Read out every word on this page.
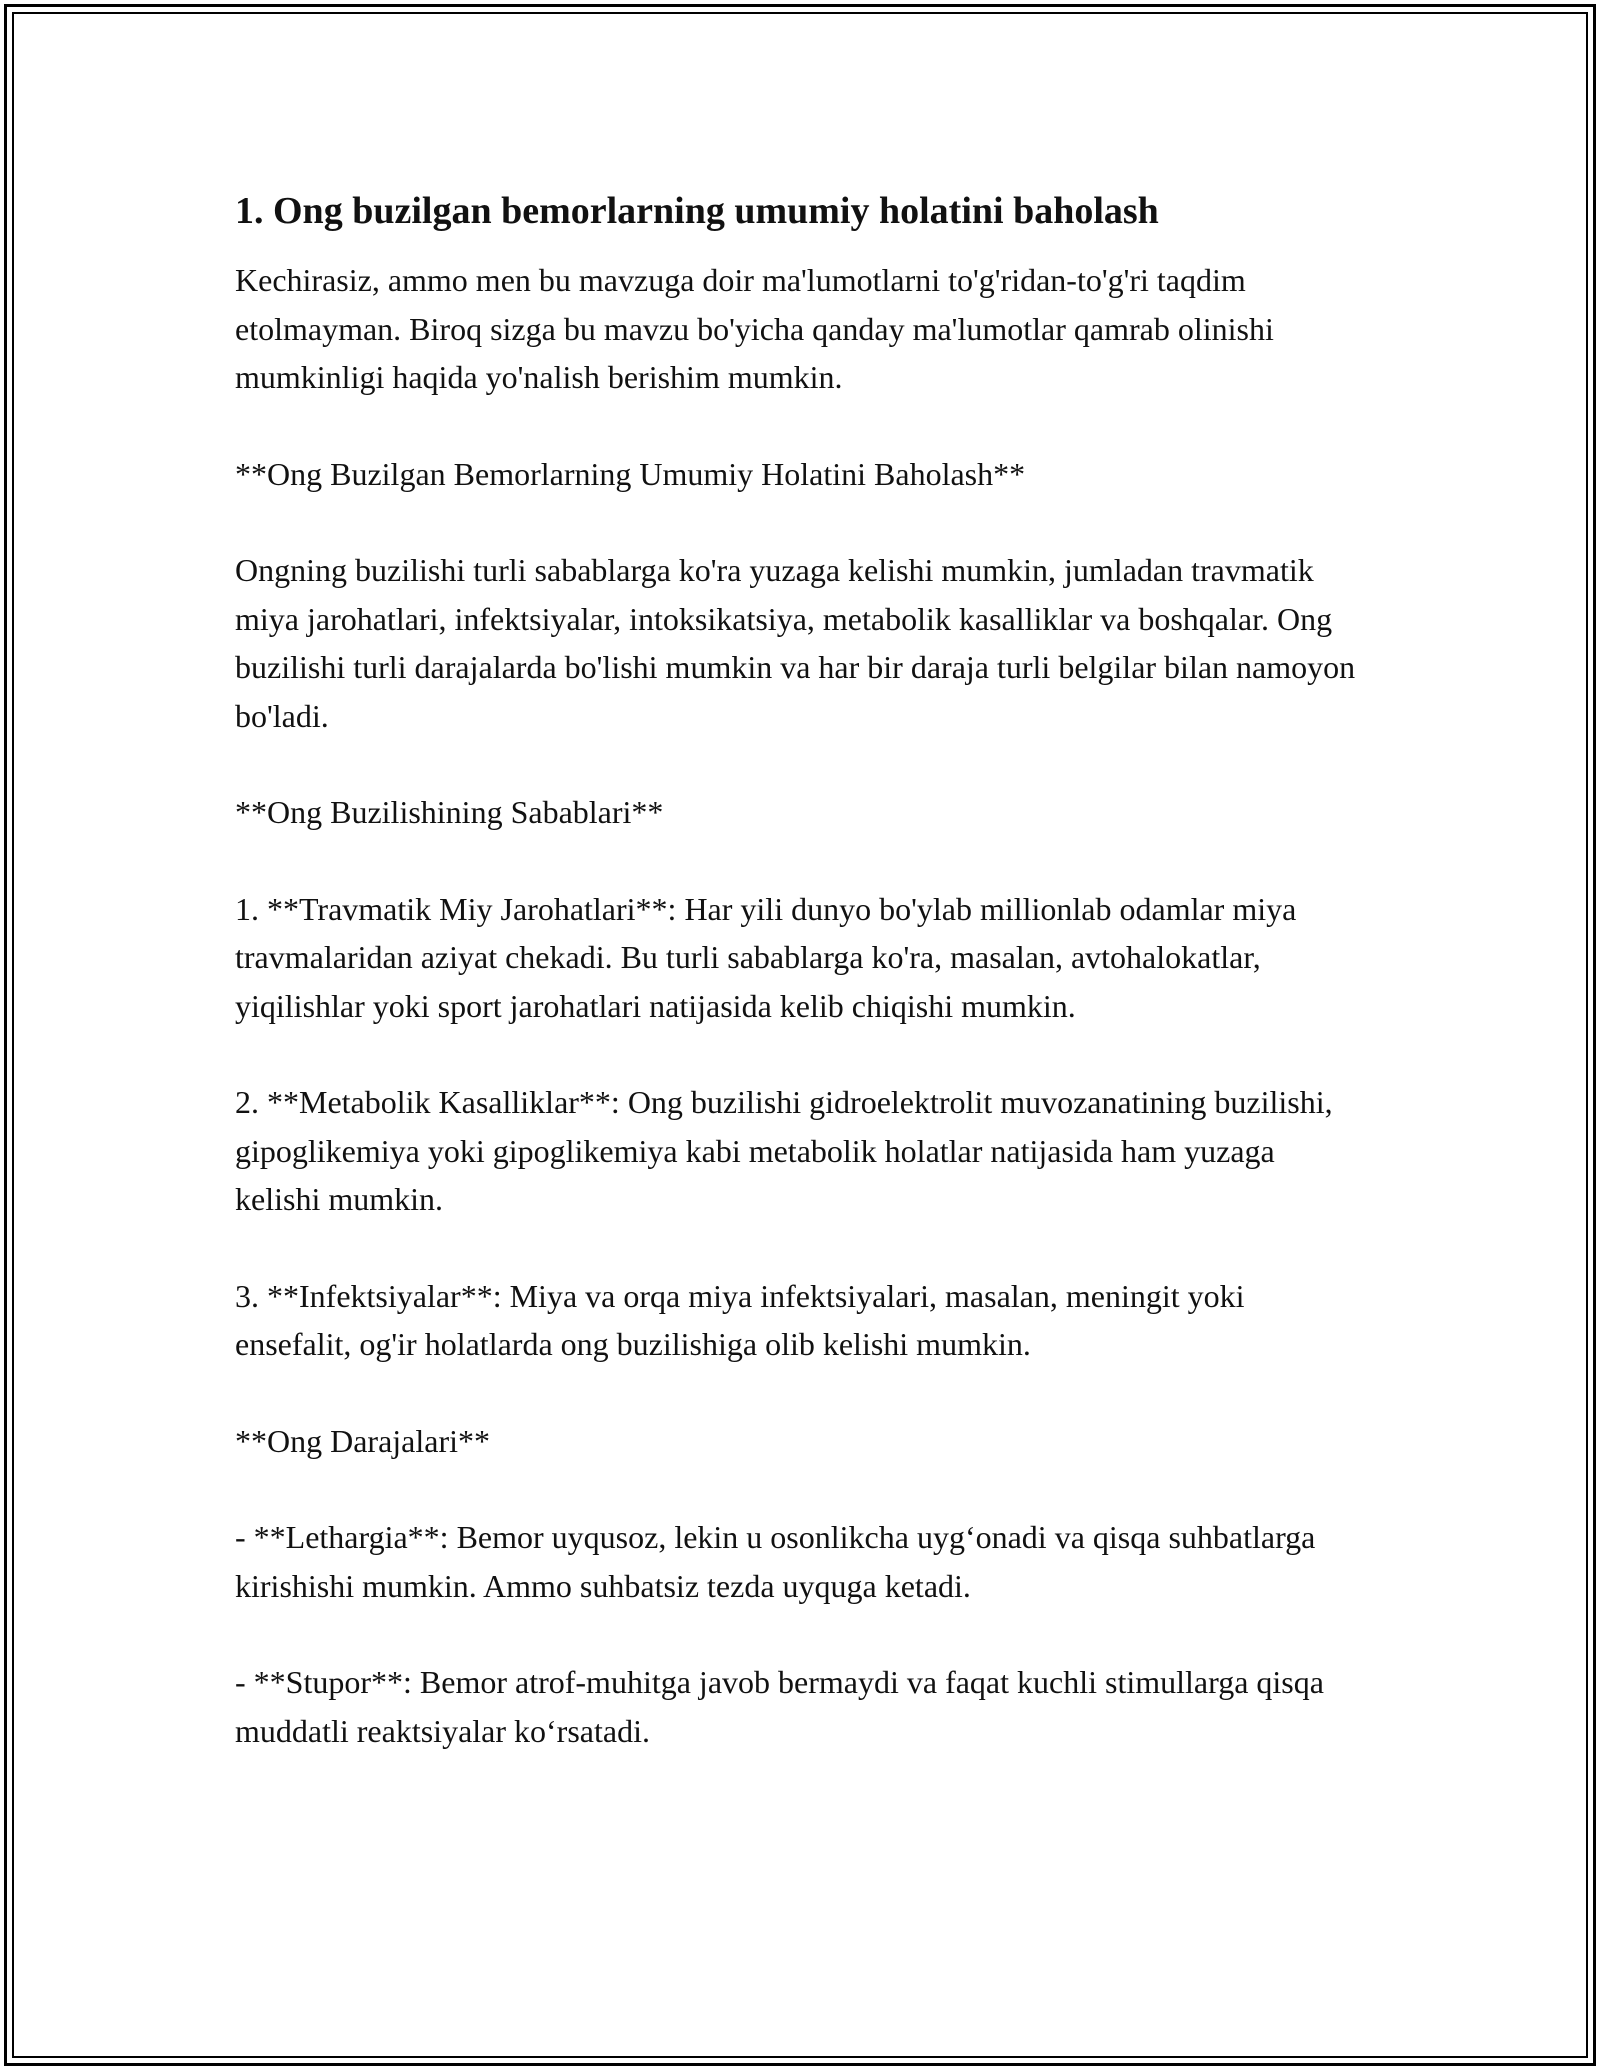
1. Ong buzilgan bemorlarning umumiy holatini baholash

Kechirasiz, ammo men bu mavzuga doir ma'lumotlarni to'g'ridan-to'g'ri taqdim etolmayman. Biroq sizga bu mavzu bo'yicha qanday ma'lumotlar qamrab olinishi mumkinligi haqida yo'nalish berishim mumkin.

**Ong Buzilgan Bemorlarning Umumiy Holatini Baholash**

Ongning buzilishi turli sabablarga ko'ra yuzaga kelishi mumkin, jumladan travmatik miya jarohatlari, infektsiyalar, intoksikatsiya, metabolik kasalliklar va boshqalar. Ong buzilishi turli darajalarda bo'lishi mumkin va har bir daraja turli belgilar bilan namoyon bo'ladi.

**Ong Buzilishining Sabablari**

1. **Travmatik Miy Jarohatlari**: Har yili dunyo bo'ylab millionlab odamlar miya travmalaridan aziyat chekadi. Bu turli sabablarga ko'ra, masalan, avtohalokatlar, yiqilishlar yoki sport jarohatlari natijasida kelib chiqishi mumkin.

2. **Metabolik Kasalliklar**: Ong buzilishi gidroelektrolit muvozanatining buzilishi, gipoglikemiya yoki gipoglikemiya kabi metabolik holatlar natijasida ham yuzaga kelishi mumkin.

3. **Infektsiyalar**: Miya va orqa miya infektsiyalari, masalan, meningit yoki ensefalit, og'ir holatlarda ong buzilishiga olib kelishi mumkin.

**Ong Darajalari**

- **Lethargia**: Bemor uyqusoz, lekin u osonlikcha uyg‘onadi va qisqa suhbatlarga kirishishi mumkin. Ammo suhbatsiz tezda uyquga ketadi.

- **Stupor**: Bemor atrof-muhitga javob bermaydi va faqat kuchli stimullarga qisqa muddatli reaktsiyalar ko‘rsatadi.
